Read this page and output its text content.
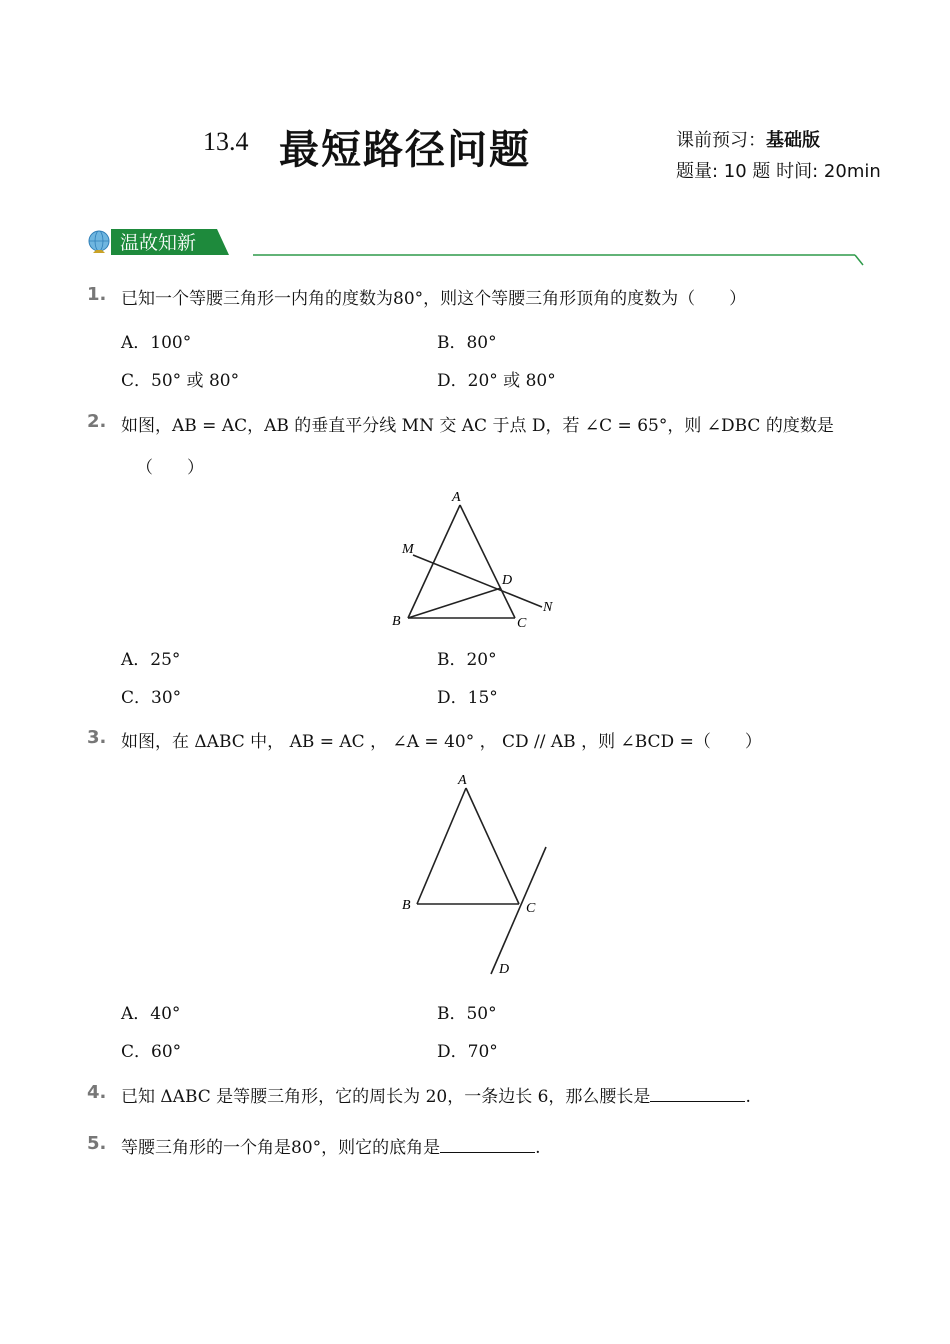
13.4 最短路径问题	课前预习：基础版
题量: 10 题 时间: 20min
温故知新
1. 已知一个等腰三角形一内角的度数为80°，则这个等腰三角形顶角的度数为（　　）
A．100°	B．80°
C．50° 或 80°	D．20° 或 80°
2. 如图，AB = AC，AB 的垂直平分线 MN 交 AC 于点 D，若 ∠C = 65°，则 ∠DBC 的度数是
（　　）
A
M
D
N
B	C
A．25°	B．20°
C．30°	D．15°
3. 如图，在 ΔABC 中， AB = AC ， ∠A = 40° ， CD // AB ，则 ∠BCD =（　　）
A
B	C
D
A．40°	B．50°
C．60°	D．70°
4. 已知 ΔABC 是等腰三角形，它的周长为 20，一条边长 6，那么腰长是	.
5. 等腰三角形的一个角是80°，则它的底角是	.
